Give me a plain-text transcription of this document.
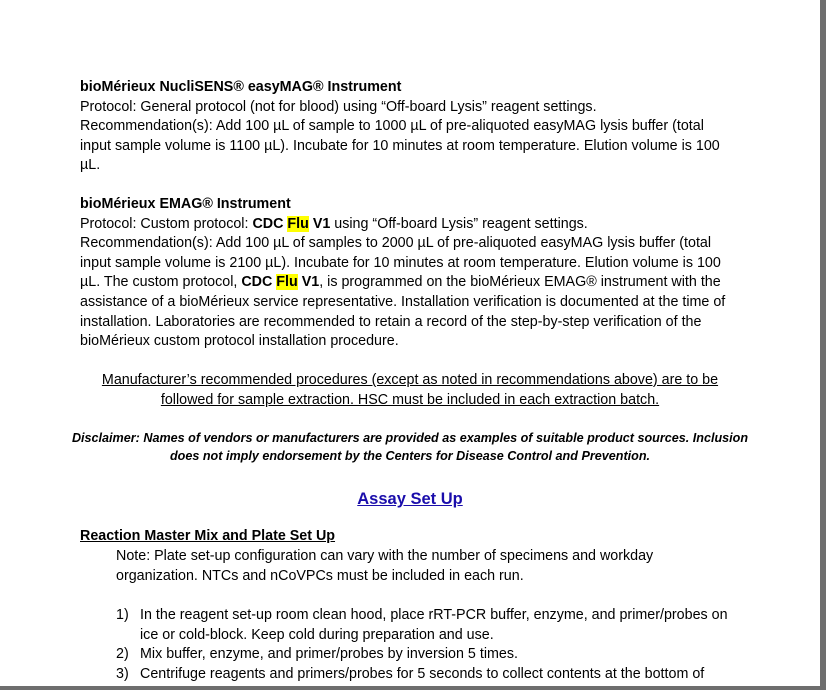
bioMérieux NucliSENS® easyMAG® Instrument
Protocol: General protocol (not for blood) using “Off-board Lysis” reagent settings.
Recommendation(s): Add 100 µL of sample to 1000 µL of pre-aliquoted easyMAG lysis buffer (total
input sample volume is 1100 µL). Incubate for 10 minutes at room temperature. Elution volume is 100
µL.
bioMérieux EMAG® Instrument
Protocol: Custom protocol: CDC Flu V1 using “Off-board Lysis” reagent settings.
Recommendation(s): Add 100 µL of samples to 2000 µL of pre-aliquoted easyMAG lysis buffer (total
input sample volume is 2100 µL). Incubate for 10 minutes at room temperature. Elution volume is 100
µL. The custom protocol, CDC Flu V1, is programmed on the bioMérieux EMAG® instrument with the
assistance of a bioMérieux service representative. Installation verification is documented at the time of
installation. Laboratories are recommended to retain a record of the step-by-step verification of the
bioMérieux custom protocol installation procedure.
Manufacturer’s recommended procedures (except as noted in recommendations above) are to be
followed for sample extraction. HSC must be included in each extraction batch.
Disclaimer: Names of vendors or manufacturers are provided as examples of suitable product sources. Inclusion
does not imply endorsement by the Centers for Disease Control and Prevention.
Assay Set Up
Reaction Master Mix and Plate Set Up
Note: Plate set-up configuration can vary with the number of specimens and workday
organization. NTCs and nCoVPCs must be included in each run.
1) In the reagent set-up room clean hood, place rRT-PCR buffer, enzyme, and primer/probes on
ice or cold-block. Keep cold during preparation and use.
2) Mix buffer, enzyme, and primer/probes by inversion 5 times.
3) Centrifuge reagents and primers/probes for 5 seconds to collect contents at the bottom of
